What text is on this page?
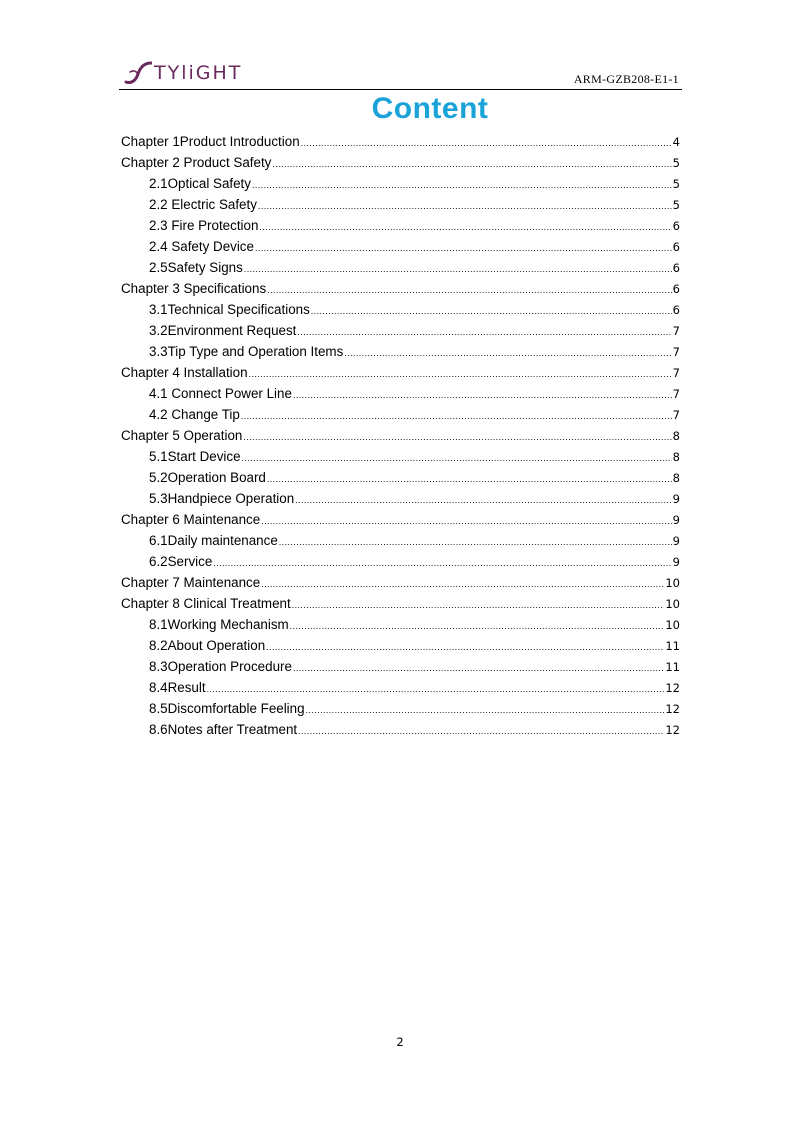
TYliGHT	ARM-GZB208-E1-1
Content
Chapter 1Product Introduction .....	4
Chapter 2 Product Safety .....	5
2.1Optical Safety .....	5
2.2 Electric Safety .....	5
2.3 Fire Protection .....	6
2.4 Safety Device .....	6
2.5Safety Signs .....	6
Chapter 3 Specifications .....	6
3.1Technical Specifications .....	6
3.2Environment Request .....	7
3.3Tip Type and Operation Items .....	7
Chapter 4 Installation .....	7
4.1 Connect Power Line .....	7
4.2 Change Tip .....	7
Chapter 5 Operation .....	8
5.1Start Device .....	8
5.2Operation Board .....	8
5.3Handpiece Operation .....	9
Chapter 6 Maintenance .....	9
6.1Daily maintenance .....	9
6.2Service .....	9
Chapter 7 Maintenance .....	10
Chapter 8 Clinical Treatment .....	10
8.1Working Mechanism .....	10
8.2About Operation .....	11
8.3Operation Procedure .....	11
8.4Result .....	12
8.5Discomfortable Feeling .....	12
8.6Notes after Treatment .....	12
2
